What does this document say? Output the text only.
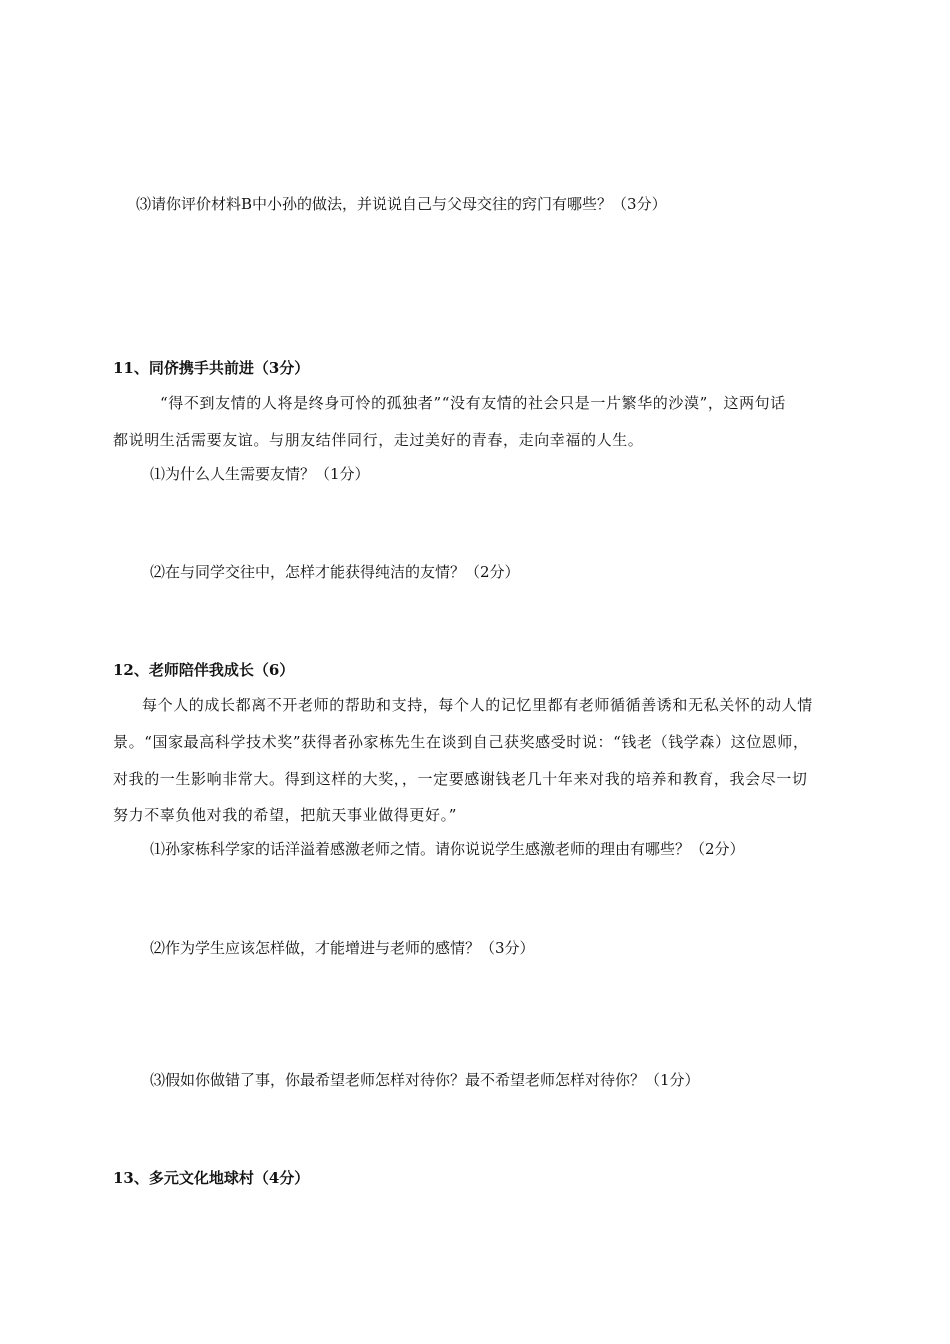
⑶请你评价材料B中小孙的做法，并说说自己与父母交往的窍门有哪些？（3分）
11、同侪携手共前进（3分）
“得不到友情的人将是终身可怜的孤独者”“没有友情的社会只是一片繁华的沙漠”，这两句话
都说明生活需要友谊。与朋友结伴同行，走过美好的青春，走向幸福的人生。
⑴为什么人生需要友情？（1分）
⑵在与同学交往中，怎样才能获得纯洁的友情？（2分）
12、老师陪伴我成长（6）
每个人的成长都离不开老师的帮助和支持，每个人的记忆里都有老师循循善诱和无私关怀的动人情
景。“国家最高科学技术奖”获得者孙家栋先生在谈到自己获奖感受时说：“钱老（钱学森）这位恩师，
对我的一生影响非常大。得到这样的大奖，，一定要感谢钱老几十年来对我的培养和教育，我会尽一切
努力不辜负他对我的希望，把航天事业做得更好。”
⑴孙家栋科学家的话洋溢着感激老师之情。请你说说学生感激老师的理由有哪些？（2分）
⑵作为学生应该怎样做，才能增进与老师的感情？（3分）
⑶假如你做错了事，你最希望老师怎样对待你？最不希望老师怎样对待你？（1分）
13、多元文化地球村（4分）
